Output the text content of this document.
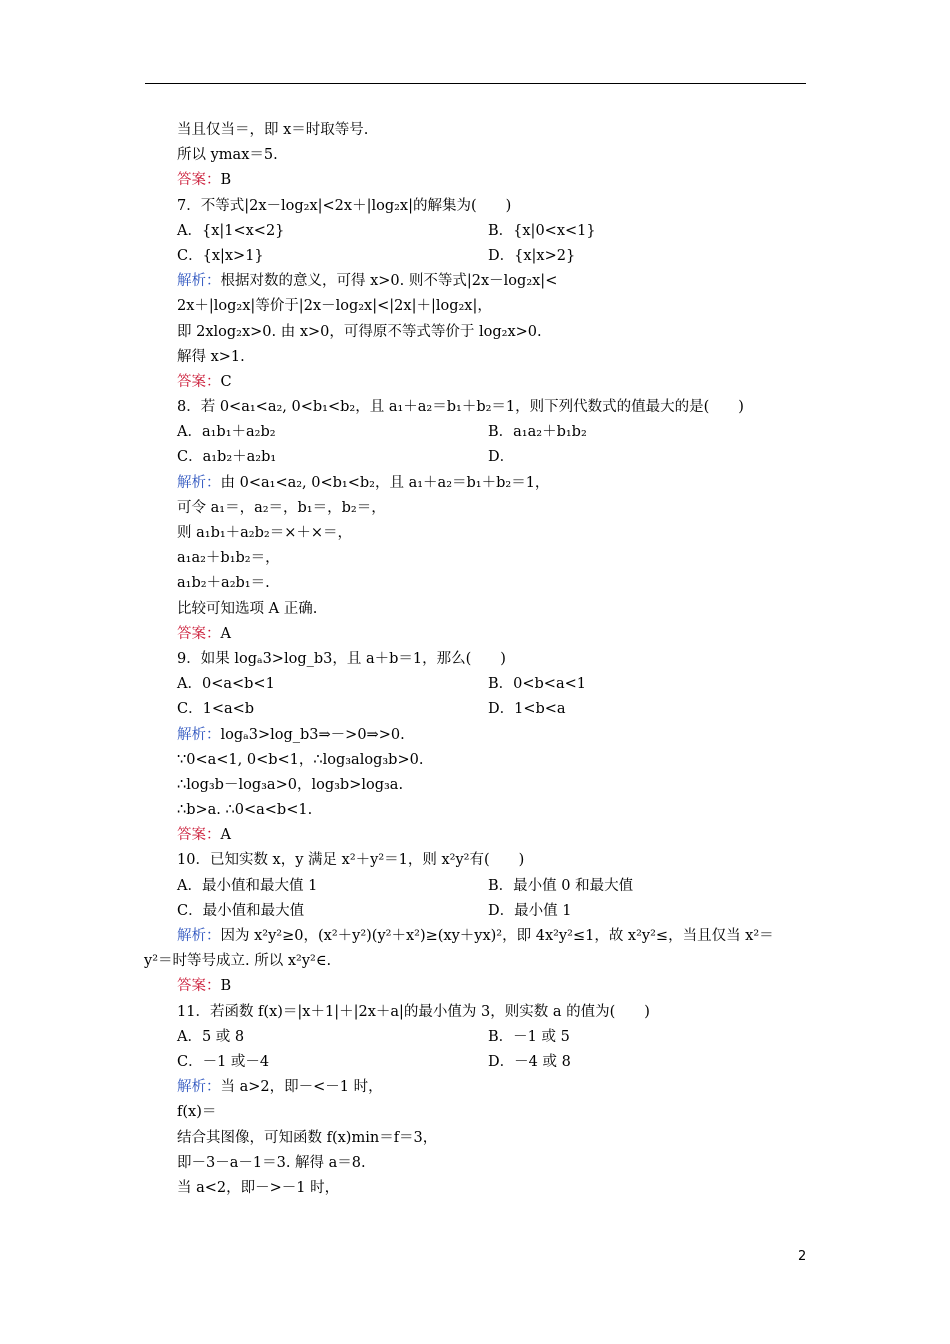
当且仅当＝，即 x＝时取等号.
所以 ymax＝5.
答案：B
7．不等式|2x－log₂x|<2x＋|log₂x|的解集为(　　)
A．{x|1<x<2}	B．{x|0<x<1}
C．{x|x>1}	D．{x|x>2}
解析：根据对数的意义，可得 x>0. 则不等式|2x－log₂x|<
2x＋|log₂x|等价于|2x－log₂x|<|2x|＋|log₂x|，
即 2xlog₂x>0. 由 x>0，可得原不等式等价于 log₂x>0.
解得 x>1.
答案：C
8．若 0<a₁<a₂, 0<b₁<b₂，且 a₁＋a₂＝b₁＋b₂＝1，则下列代数式的值最大的是(　　)
A．a₁b₁＋a₂b₂	B．a₁a₂＋b₁b₂
C．a₁b₂＋a₂b₁	D．
解析：由 0<a₁<a₂, 0<b₁<b₂，且 a₁＋a₂＝b₁＋b₂＝1，
可令 a₁＝，a₂＝，b₁＝，b₂＝，
则 a₁b₁＋a₂b₂＝×＋×＝，
a₁a₂＋b₁b₂＝，
a₁b₂＋a₂b₁＝.
比较可知选项 A 正确.
答案：A
9．如果 logₐ3>log_b3，且 a＋b＝1，那么(　　)
A．0<a<b<1	B．0<b<a<1
C．1<a<b	D．1<b<a
解析：logₐ3>log_b3⇒－>0⇒>0.
∵0<a<1, 0<b<1，∴log₃alog₃b>0.
∴log₃b－log₃a>0，log₃b>log₃a.
∴b>a. ∴0<a<b<1.
答案：A
10．已知实数 x，y 满足 x²＋y²＝1，则 x²y²有(　　)
A．最小值和最大值 1	B．最小值 0 和最大值
C．最小值和最大值	D．最小值 1
解析：因为 x²y²≥0，(x²＋y²)(y²＋x²)≥(xy＋yx)²，即 4x²y²≤1，故 x²y²≤，当且仅当 x²＝
y²＝时等号成立. 所以 x²y²∈.
答案：B
11．若函数 f(x)＝|x＋1|＋|2x＋a|的最小值为 3，则实数 a 的值为(　　)
A．5 或 8	B．－1 或 5
C．－1 或－4	D．－4 或 8
解析：当 a>2，即－<－1 时，
f(x)＝
结合其图像，可知函数 f(x)min＝f＝3，
即－3－a－1＝3. 解得 a＝8.
当 a<2，即－>－1 时，
2
